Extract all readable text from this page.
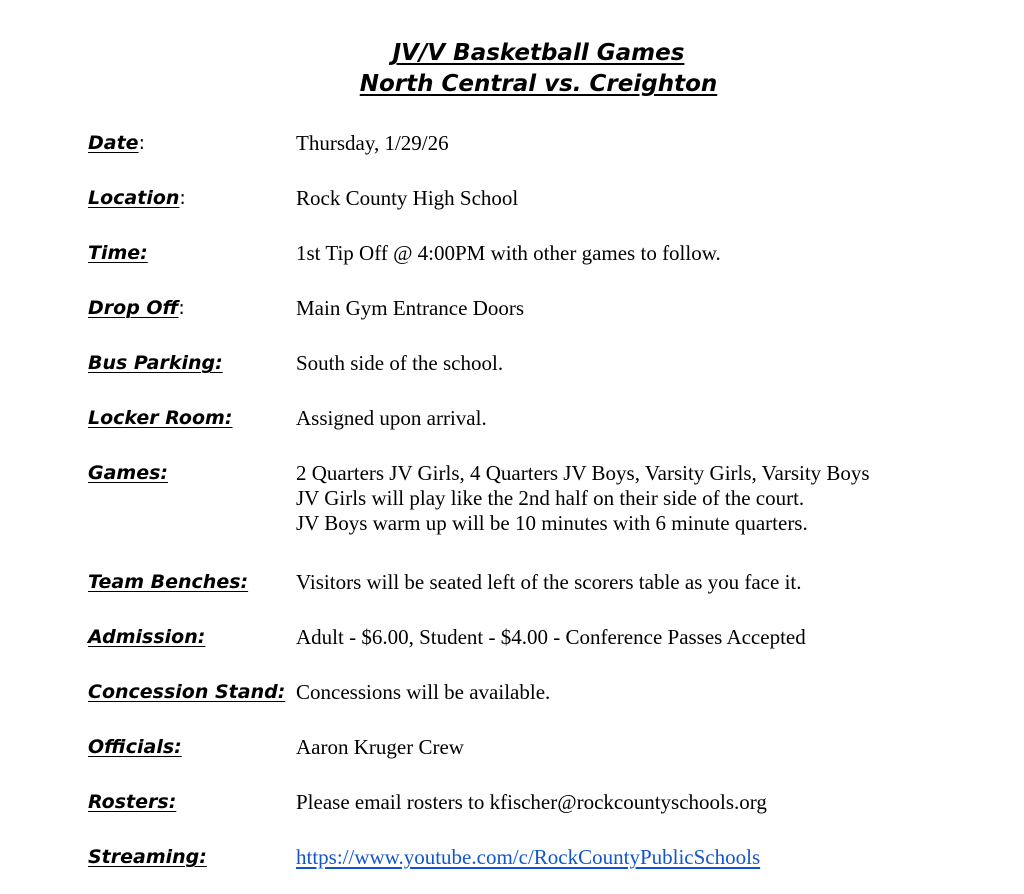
JV/V Basketball Games
North Central vs. Creighton
Date:	Thursday, 1/29/26
Location:	Rock County High School
Time:	1st Tip Off @ 4:00PM with other games to follow.
Drop Off:	Main Gym Entrance Doors
Bus Parking:	South side of the school.
Locker Room:	Assigned upon arrival.
Games:	2 Quarters JV Girls, 4 Quarters JV Boys, Varsity Girls, Varsity Boys
JV Girls will play like the 2nd half on their side of the court.
JV Boys warm up will be 10 minutes with 6 minute quarters.
Team Benches: Visitors will be seated left of the scorers table as you face it.
Admission:	Adult - $6.00, Student - $4.00 - Conference Passes Accepted
Concession Stand: Concessions will be available.
Officials:	Aaron Kruger Crew
Rosters:	Please email rosters to kfischer@rockcountyschools.org
Streaming:	https://www.youtube.com/c/RockCountyPublicSchools
